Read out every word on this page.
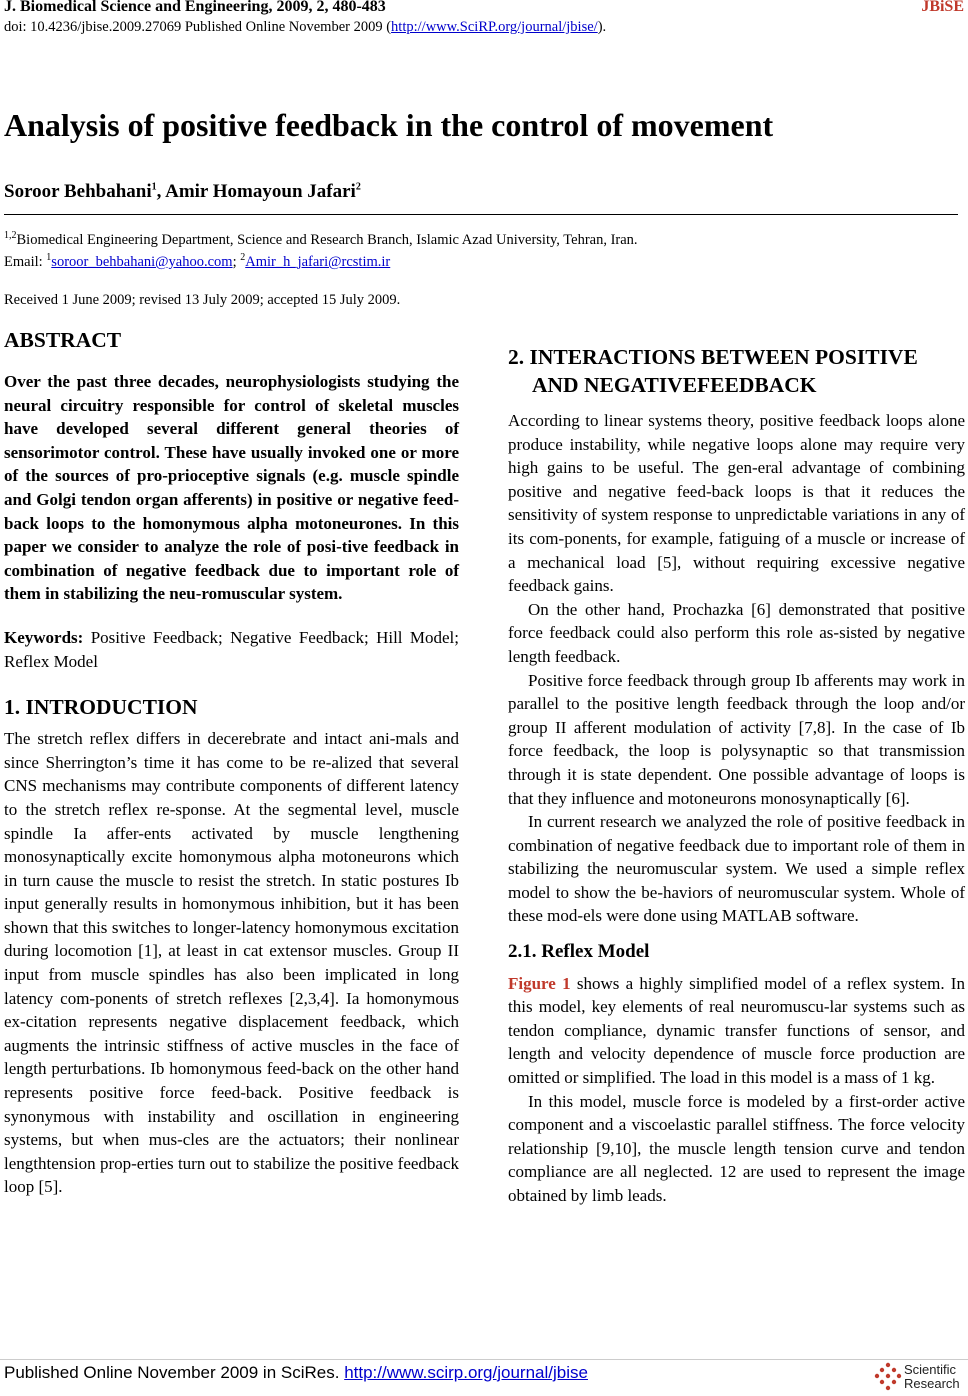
J. Biomedical Science and Engineering, 2009, 2, 480-483	JBiSE
doi: 10.4236/jbise.2009.27069 Published Online November 2009 (http://www.SciRP.org/journal/jbise/).
Analysis of positive feedback in the control of movement
Soroor Behbahani$^1$, Amir Homayoun Jafari$^2$
$^{1,2}$Biomedical Engineering Department, Science and Research Branch, Islamic Azad University, Tehran, Iran.
Email: $^1$soroor_behbahani@yahoo.com; $^2$Amir_h_jafari@rcstim.ir
Received 1 June 2009; revised 13 July 2009; accepted 15 July 2009.
ABSTRACT

Over the past three decades, neurophysiologists studying the neural circuitry responsible for control of skeletal muscles have developed several different general theories of sensorimotor control. These have usually invoked one or more of the sources of pro-prioceptive signals (e.g. muscle spindle and Golgi tendon organ afferents) in positive or negative feed-back loops to the homonymous alpha motoneurones. In this paper we consider to analyze the role of posi-tive feedback in combination of negative feedback due to important role of them in stabilizing the neu-romuscular system.

Keywords: Positive Feedback; Negative Feedback; Hill Model; Reflex Model

1. INTRODUCTION

The stretch reflex differs in decerebrate and intact ani-mals and since Sherrington’s time it has come to be re-alized that several CNS mechanisms may contribute components of different latency to the stretch reflex re-sponse. At the segmental level, muscle spindle Ia affer-ents activated by muscle lengthening monosynaptically excite homonymous alpha motoneurons which in turn cause the muscle to resist the stretch. In static postures Ib input generally results in homonymous inhibition, but it has been shown that this switches to longer-latency homonymous excitation during locomotion [1], at least in cat extensor muscles. Group II input from muscle spindles has also been implicated in long latency com-ponents of stretch reflexes [2,3,4]. Ia homonymous ex-citation represents negative displacement feedback, which augments the intrinsic stiffness of active muscles in the face of length perturbations. Ib homonymous feed-back on the other hand represents positive force feed-back. Positive feedback is synonymous with instability and oscillation in engineering systems, but when mus-cles are the actuators; their nonlinear lengthtension prop-erties turn out to stabilize the positive feedback loop [5].

2. INTERACTIONS BETWEEN POSITIVE
AND NEGATIVEFEEDBACK

According to linear systems theory, positive feedback loops alone produce instability, while negative loops alone may require very high gains to be useful. The gen-eral advantage of combining positive and negative feed-back loops is that it reduces the sensitivity of system response to unpredictable variations in any of its com-ponents, for example, fatiguing of a muscle or increase of a mechanical load [5], without requiring excessive negative feedback gains.

On the other hand, Prochazka [6] demonstrated that positive force feedback could also perform this role as-sisted by negative length feedback.

Positive force feedback through group Ib afferents may work in parallel to the positive length feedback through the loop and/or group II afferent modulation of activity [7,8]. In the case of Ib force feedback, the loop is polysynaptic so that transmission through it is state dependent. One possible advantage of loops is that they influence and motoneurons monosynaptically [6].

In current research we analyzed the role of positive feedback in combination of negative feedback due to important role of them in stabilizing the neuromuscular system. We used a simple reflex model to show the be-haviors of neuromuscular system. Whole of these mod-els were done using MATLAB software.

2.1. Reflex Model

Figure 1 shows a highly simplified model of a reflex system. In this model, key elements of real neuromuscu-lar systems such as tendon compliance, dynamic transfer functions of sensor, and length and velocity dependence of muscle force production are omitted or simplified. The load in this model is a mass of 1 kg.

In this model, muscle force is modeled by a first-order active component and a viscoelastic parallel stiffness. The force velocity relationship [9,10], the muscle length tension curve and tendon compliance are all neglected. 12 are used to represent the image obtained by limb leads.

Published Online November 2009 in SciRes. http://www.scirp.org/journal/jbise	Scientific
Research
